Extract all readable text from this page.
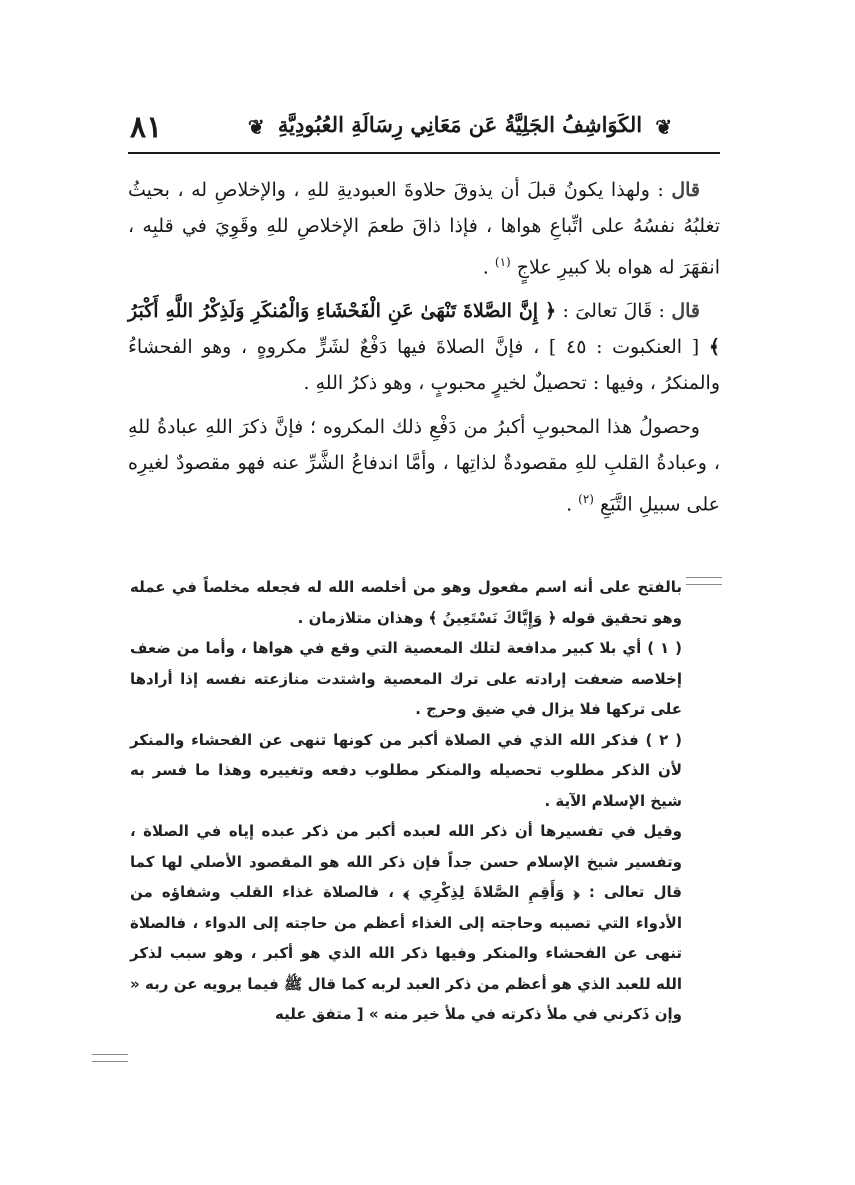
٨١	❦ الكَوَاشِفُ الجَلِيَّةُ عَن مَعَانِي رِسَالَةِ العُبُودِيَّةِ ❦

قال : ولهذا يكونُ قبلَ أن يذوقَ حلاوةَ العبوديةِ للهِ ، والإخلاصِ له ، بحيثُ تغلبُهُ نفسُهُ على اتِّباعِ هواها ، فإذا ذاقَ طعمَ الإخلاصِ للهِ وقَوِيَ في قلبِه ، انقهَرَ له هواه بلا كبيرِ علاجٍ $^{(١)}$ .

قال : قَالَ تعالىَ : ﴿ إِنَّ الصَّلاةَ تَنْهَىٰ عَنِ الْفَحْشَاءِ وَالْمُنكَرِ وَلَذِكْرُ اللَّهِ أَكْبَرُ ﴾ [ العنكبوت : ٤٥ ] ، فإنَّ الصلاةَ فيها دَفْعٌ لشَرٍّ مكروهٍ ، وهو الفحشاءُ والمنكرُ ، وفيها : تحصيلٌ لخيرٍ محبوبٍ ، وهو ذكرُ اللهِ .

وحصولُ هذا المحبوبِ أكبرُ من دَفْعِ ذلك المكروه ؛ فإنَّ ذكرَ اللهِ عبادةُ للهِ ، وعبادةُ القلبِ للهِ مقصودةٌ لذاتِها ، وأمَّا اندفاعُ الشَّرِّ عنه فهو مقصودٌ لغيرِه على سبيلِ التَّبَعِ $^{(٢)}$ .

بالفتح على أنه اسم مفعول وهو من أخلصه الله له فجعله مخلصاً في عمله وهو تحقيق قوله ﴿ وَإِيَّاكَ نَسْتَعِينُ ﴾ وهذان متلازمان .

( ١ ) أي بلا كبير مدافعة لتلك المعصية التي وقع في هواها ، وأما من ضعف إخلاصه ضعفت إرادته على ترك المعصية واشتدت منازعته نفسه إذا أرادها على تركها فلا يزال في ضيق وحرج .

( ٢ ) فذكر الله الذي في الصلاة أكبر من كونها تنهى عن الفحشاء والمنكر لأن الذكر مطلوب تحصيله والمنكر مطلوب دفعه وتغييره وهذا ما فسر به شيخ الإسلام الآية .

وقيل في تفسيرها أن ذكر الله لعبده أكبر من ذكر عبده إياه في الصلاة ، وتفسير شيخ الإسلام حسن جداً فإن ذكر الله هو المقصود الأصلي لها كما قال تعالى : ﴿ وَأَقِمِ الصَّلاةَ لِذِكْرِي ﴾ ، فالصلاة غذاء القلب وشفاؤه من الأدواء التي تصيبه وحاجته إلى الغذاء أعظم من حاجته إلى الدواء ، فالصلاة تنهى عن الفحشاء والمنكر وفيها ذكر الله الذي هو أكبر ، وهو سبب لذكر الله للعبد الذي هو أعظم من ذكر العبد لربه كما قال ﷺ فيما يرويه عن ربه « وإن ذَكرني في ملأ ذكرته في ملأ خير منه » [ متفق عليه
